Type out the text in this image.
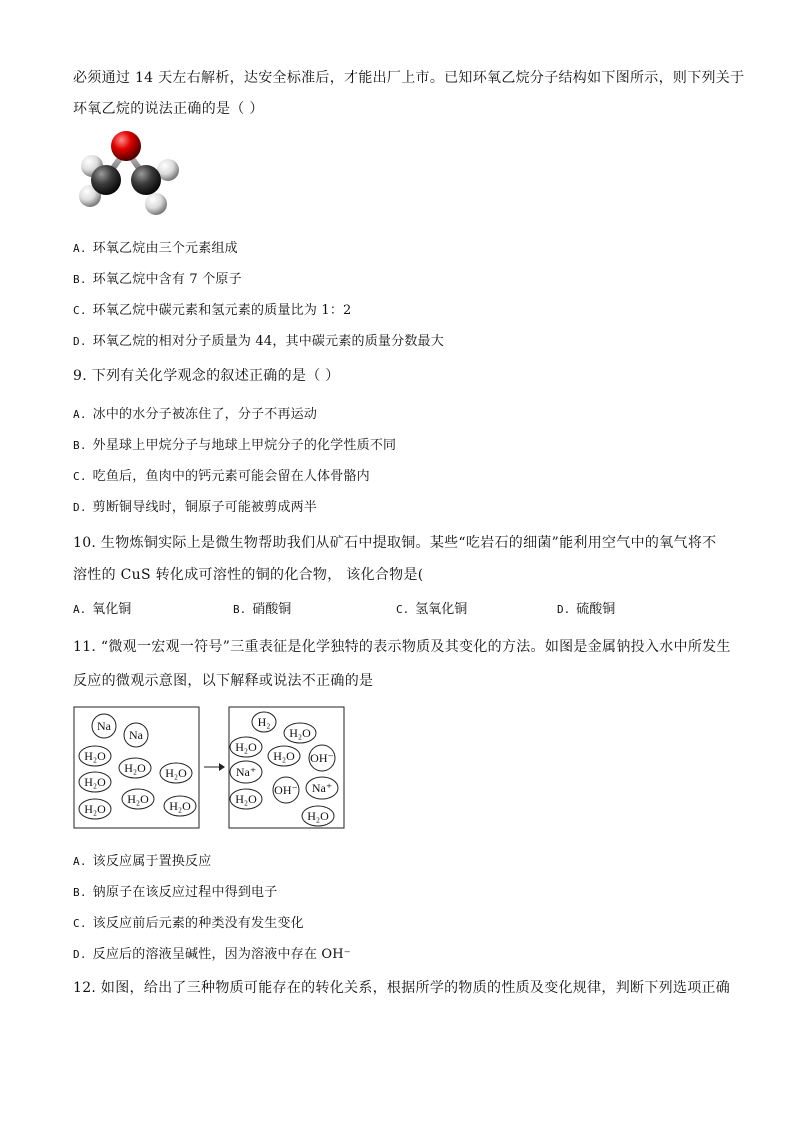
必须通过 14 天左右解析，达安全标准后，才能出厂上市。已知环氧乙烷分子结构如下图所示，则下列关于
环氧乙烷的说法正确的是（ ）
A. 环氧乙烷由三个元素组成
B. 环氧乙烷中含有 7 个原子
C. 环氧乙烷中碳元素和氢元素的质量比为 1：2
D. 环氧乙烷的相对分子质量为 44，其中碳元素的质量分数最大
9. 下列有关化学观念的叙述正确的是（ ）
A. 冰中的水分子被冻住了，分子不再运动
B. 外星球上甲烷分子与地球上甲烷分子的化学性质不同
C. 吃鱼后，鱼肉中的钙元素可能会留在人体骨骼内
D. 剪断铜导线时，铜原子可能被剪成两半
10. 生物炼铜实际上是微生物帮助我们从矿石中提取铜。某些“吃岩石的细菌”能利用空气中的氧气将不
溶性的 CuS 转化成可溶性的铜的化合物， 该化合物是(
A. 氧化铜	B. 硝酸铜	C. 氢氧化铜	D. 硫酸铜
11. “微观一宏观一符号”三重表征是化学独特的表示物质及其变化的方法。如图是金属钠投入水中所发生
反应的微观示意图，以下解释或说法不正确的是
Na
Na
H₂O
H₂O
H₂O
H₂O H₂O
H₂O H₂O
H₂
H₂O
H₂O
H₂O OH⁻
Na⁺
OH⁻ Na⁺
H₂O
H₂O
A. 该反应属于置换反应
B. 钠原子在该反应过程中得到电子
C. 该反应前后元素的种类没有发生变化
D. 反应后的溶液呈碱性，因为溶液中存在 OH⁻
12. 如图，给出了三种物质可能存在的转化关系，根据所学的物质的性质及变化规律，判断下列选项正确
